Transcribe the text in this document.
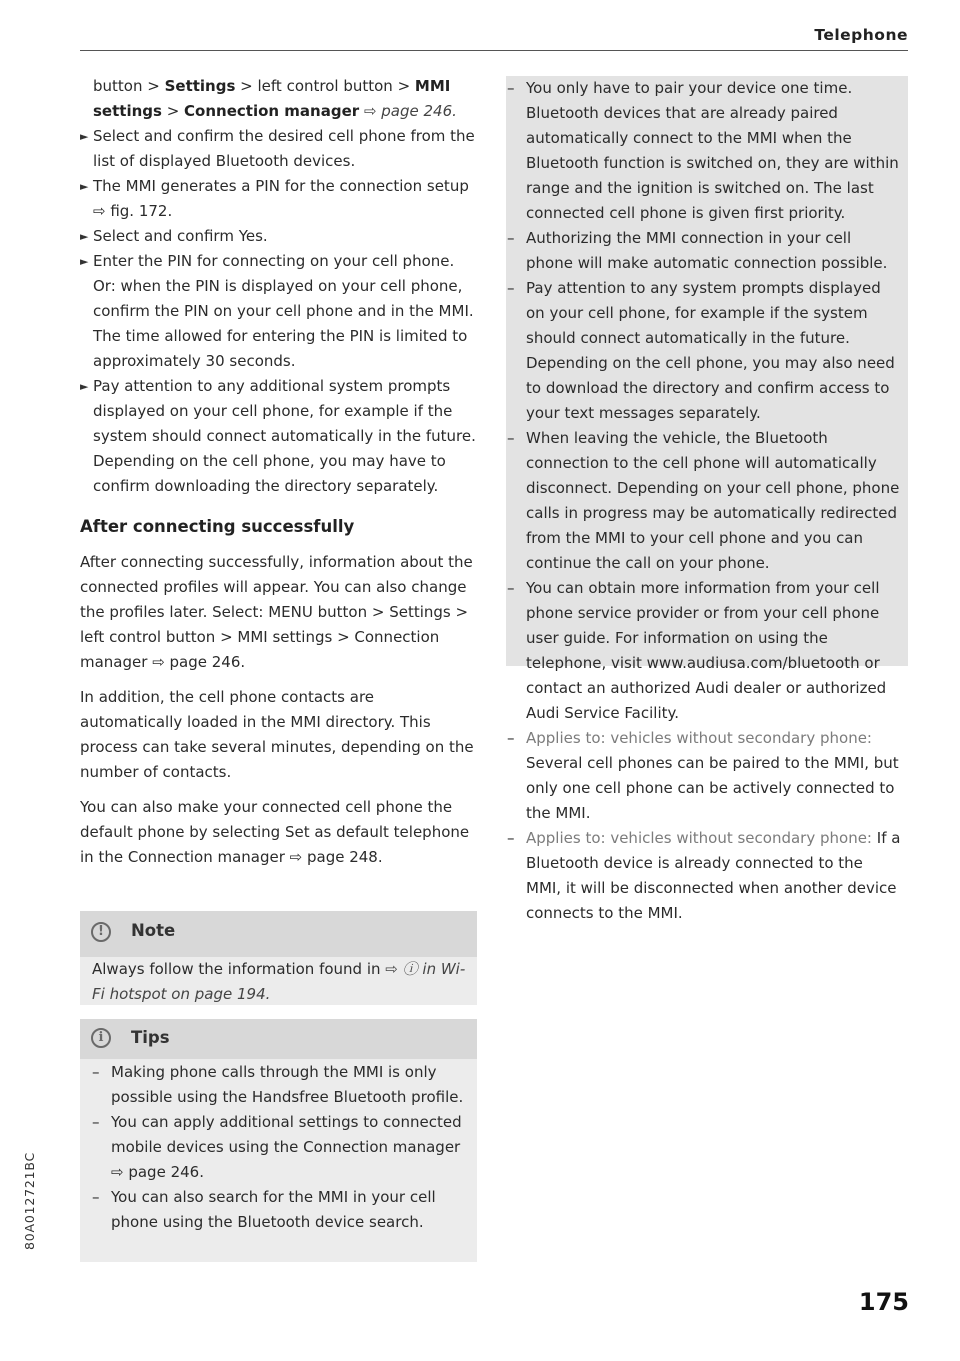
Telephone

button > Settings > left control button > MMI settings > Connection manager ⇨ page 246.

► Select and confirm the desired cell phone from the list of displayed Bluetooth devices.
► The MMI generates a PIN for the connection setup ⇨ fig. 172.
► Select and confirm Yes.
► Enter the PIN for connecting on your cell phone. Or: when the PIN is displayed on your cell phone, confirm the PIN on your cell phone and in the MMI. The time allowed for entering the PIN is limited to approximately 30 seconds.
► Pay attention to any additional system prompts displayed on your cell phone, for example if the system should connect automatically in the future. Depending on the cell phone, you may have to confirm downloading the directory separately.
After connecting successfully

After connecting successfully, information about the connected profiles will appear. You can also change the profiles later. Select: MENU button > Settings > left control button > MMI settings > Connection manager ⇨ page 246.

In addition, the cell phone contacts are automatically loaded in the MMI directory. This process can take several minutes, depending on the number of contacts.

You can also make your connected cell phone the default phone by selecting Set as default telephone in the Connection manager ⇨ page 248.

!	Note
Always follow the information found in ⇨ ⓘ in Wi-Fi hotspot on page 194.
i	Tips
– Making phone calls through the MMI is only possible using the Handsfree Bluetooth profile.
– You can apply additional settings to connected mobile devices using the Connection manager ⇨ page 246.
– You can also search for the MMI in your cell phone using the Bluetooth device search.
– You only have to pair your device one time. Bluetooth devices that are already paired automatically connect to the MMI when the Bluetooth function is switched on, they are within range and the ignition is switched on. The last connected cell phone is given first priority.
– Authorizing the MMI connection in your cell phone will make automatic connection possible.
– Pay attention to any system prompts displayed on your cell phone, for example if the system should connect automatically in the future. Depending on the cell phone, you may also need to download the directory and confirm access to your text messages separately.
– When leaving the vehicle, the Bluetooth connection to the cell phone will automatically disconnect. Depending on your cell phone, phone calls in progress may be automatically redirected from the MMI to your cell phone and you can continue the call on your phone.
– You can obtain more information from your cell phone service provider or from your cell phone user guide. For information on using the telephone, visit www.audiusa.com/bluetooth or contact an authorized Audi dealer or authorized Audi Service Facility.
– Applies to: vehicles without secondary phone: Several cell phones can be paired to the MMI, but only one cell phone can be actively connected to the MMI.
– Applies to: vehicles without secondary phone: If a Bluetooth device is already connected to the MMI, it will be disconnected when another device connects to the MMI.
175
80A012721BC
